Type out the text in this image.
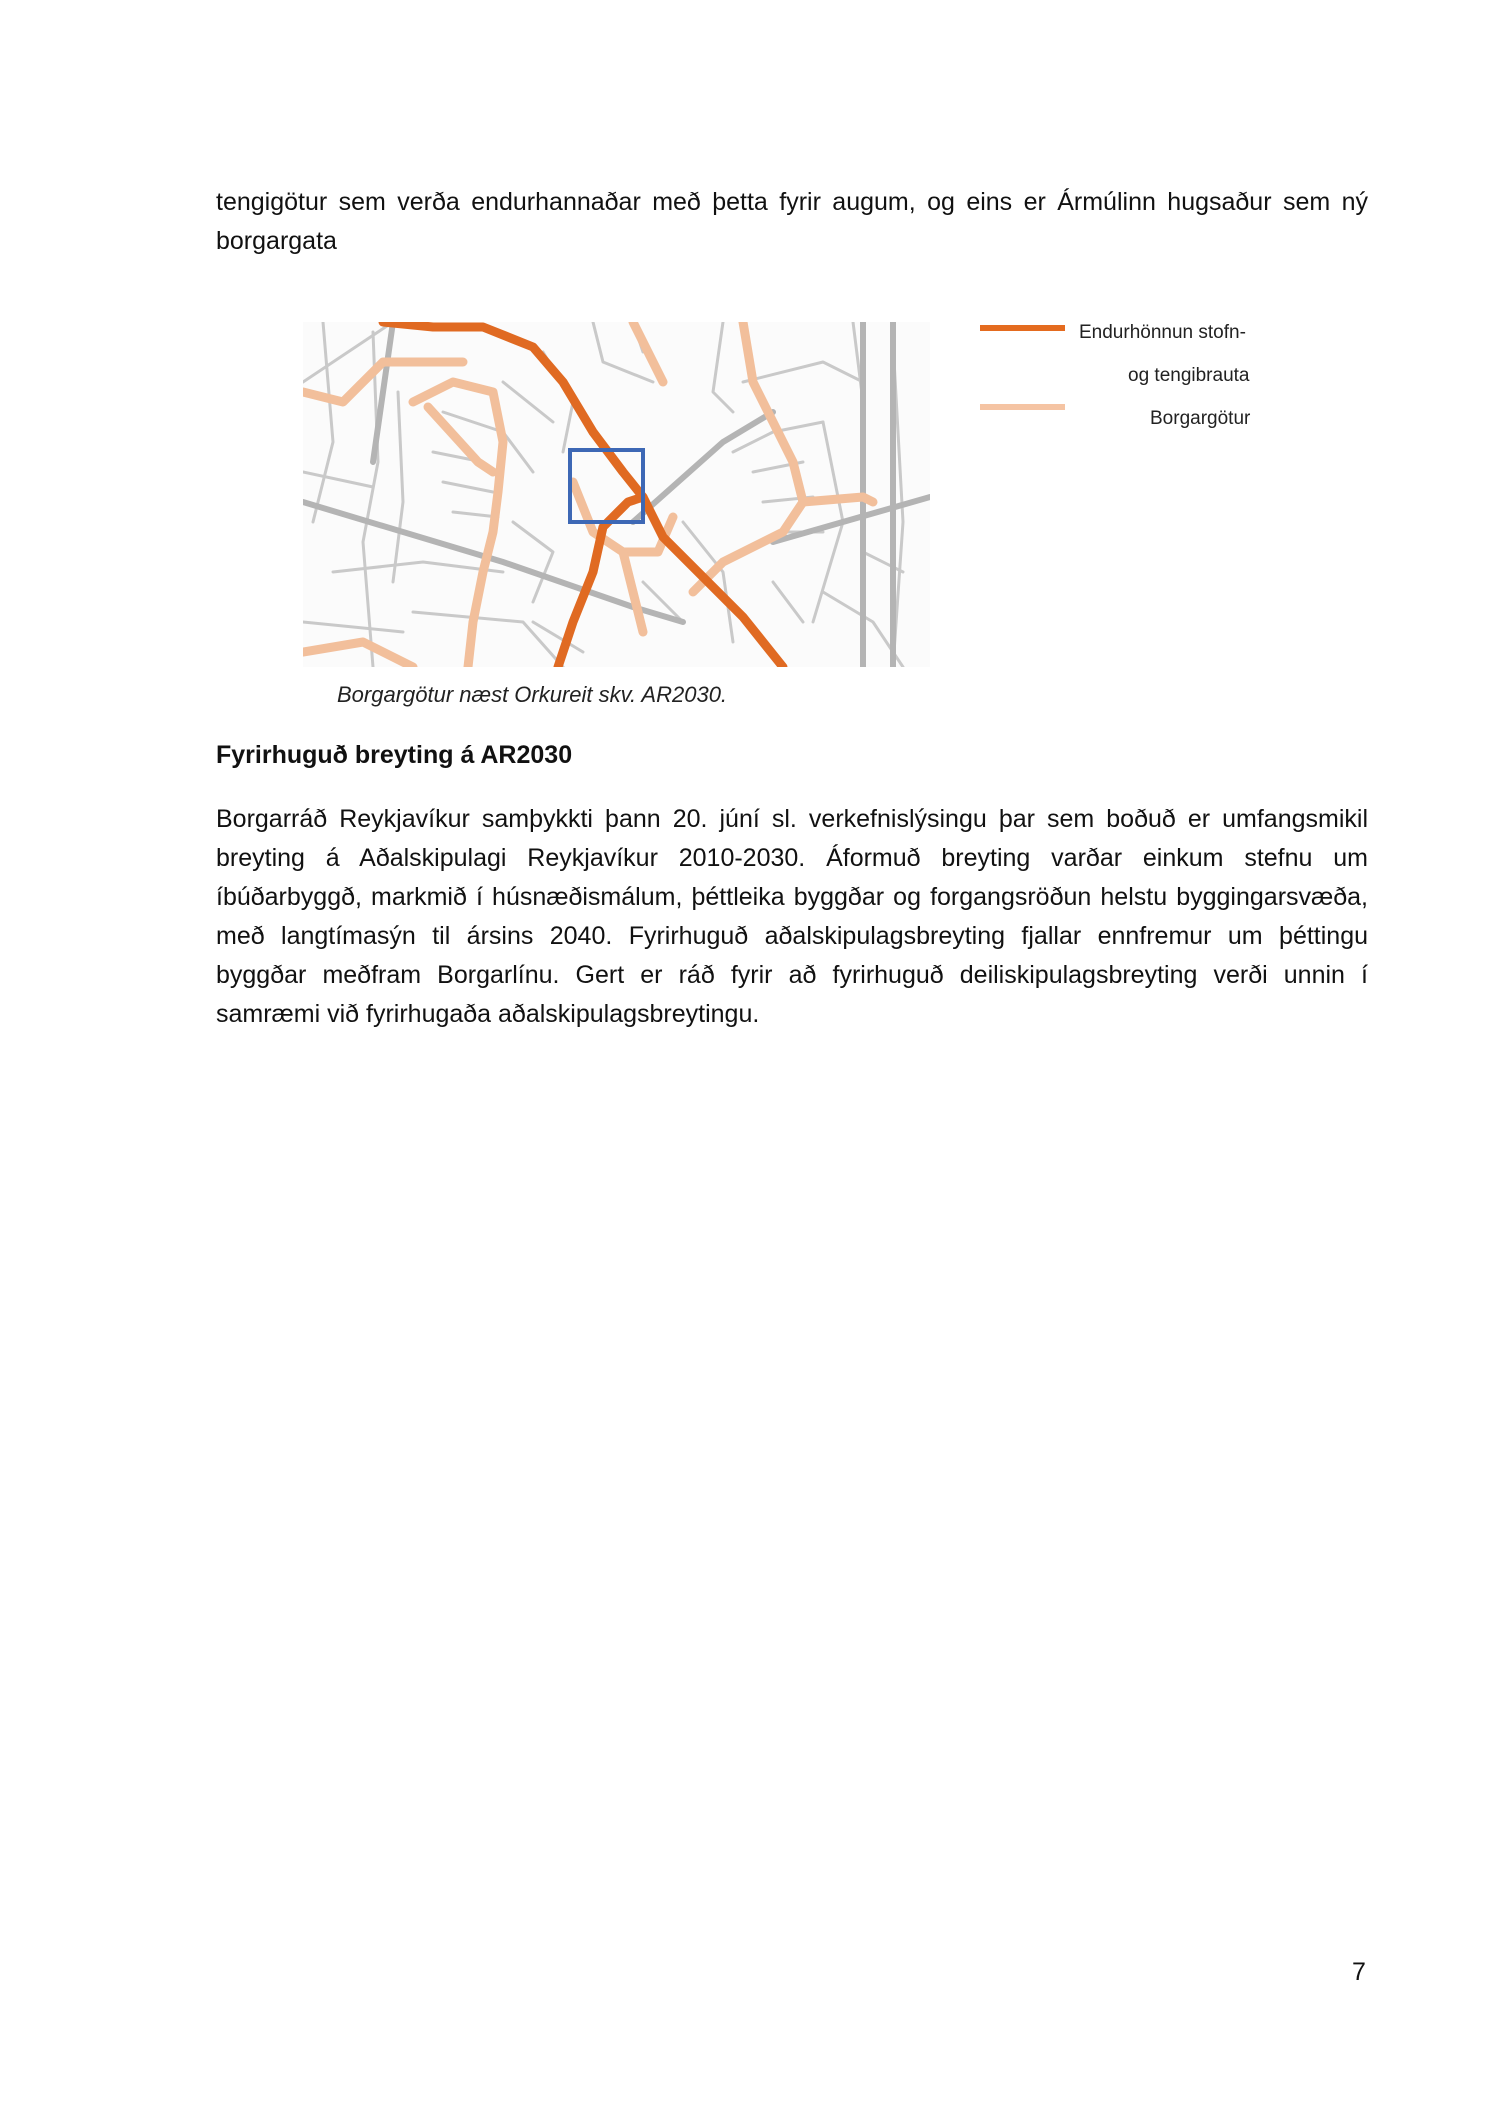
tengigötur sem verða endurhannaðar með þetta fyrir augum, og eins er Ármúlinn hugsaður sem ný
borgargata

Endurhönnun stofn-
og tengibrauta
Borgargötur
Borgargötur næst Orkureit skv. AR2030.
Fyrirhuguð breyting á AR2030

Borgarráð Reykjavíkur samþykkti þann 20. júní sl. verkefnislýsingu þar sem boðuð er umfangsmikil
breyting á Aðalskipulagi Reykjavíkur 2010-2030. Áformuð breyting varðar einkum stefnu um
íbúðarbyggð, markmið í húsnæðismálum, þéttleika byggðar og forgangsröðun helstu byggingarsvæða,
með langtímasýn til ársins 2040. Fyrirhuguð aðalskipulagsbreyting fjallar ennfremur um þéttingu
byggðar meðfram Borgarlínu. Gert er ráð fyrir að fyrirhuguð deiliskipulagsbreyting verði unnin í
samræmi við fyrirhugaða aðalskipulagsbreytingu.

7
